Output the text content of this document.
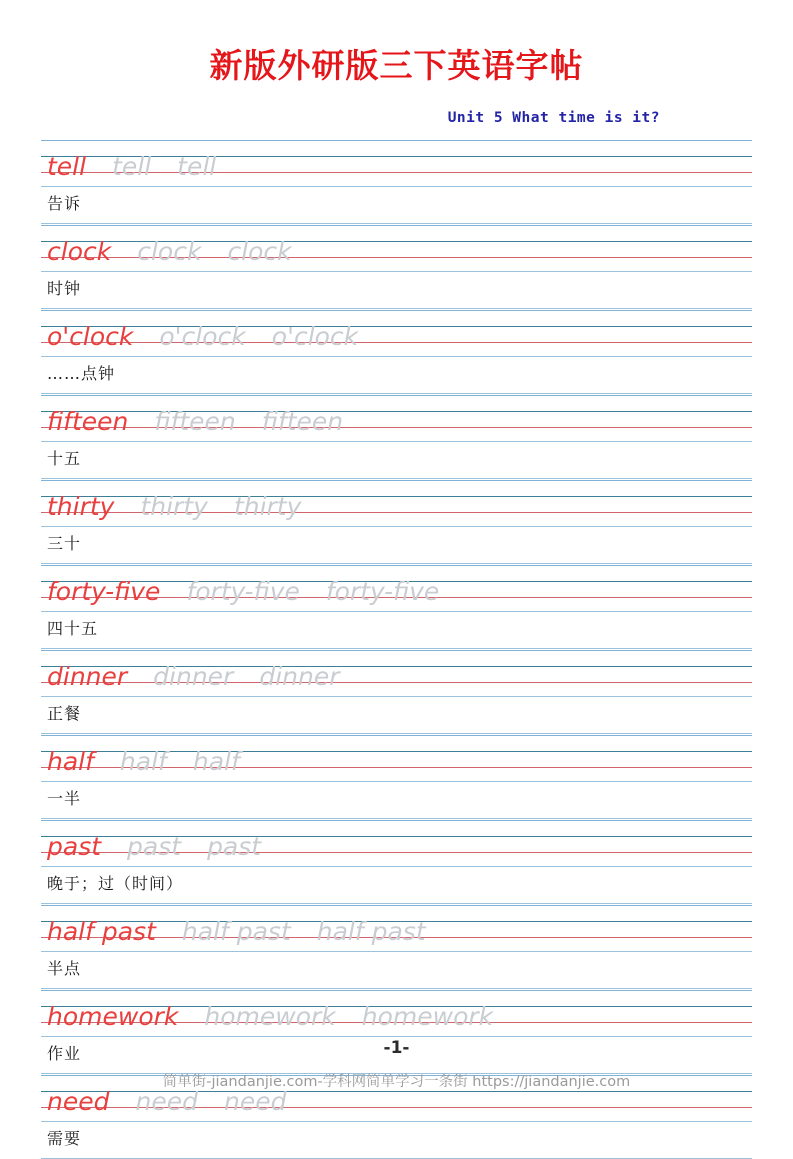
新版外研版三下英语字帖
Unit 5 What time is it?
tell tell tell
告诉
clock clock clock
时钟
o'clock o'clock o'clock
……点钟
fifteen fifteen fifteen
十五
thirty thirty thirty
三十
forty-five forty-five forty-five
四十五
dinner dinner dinner
正餐
half half half
一半
past past past
晚于；过（时间）
half past half past half past
半点
homework homework homework
作业
need need need
需要
-1-
简单街-jiandanjie.com-学科网简单学习一条街 https://jiandanjie.com
